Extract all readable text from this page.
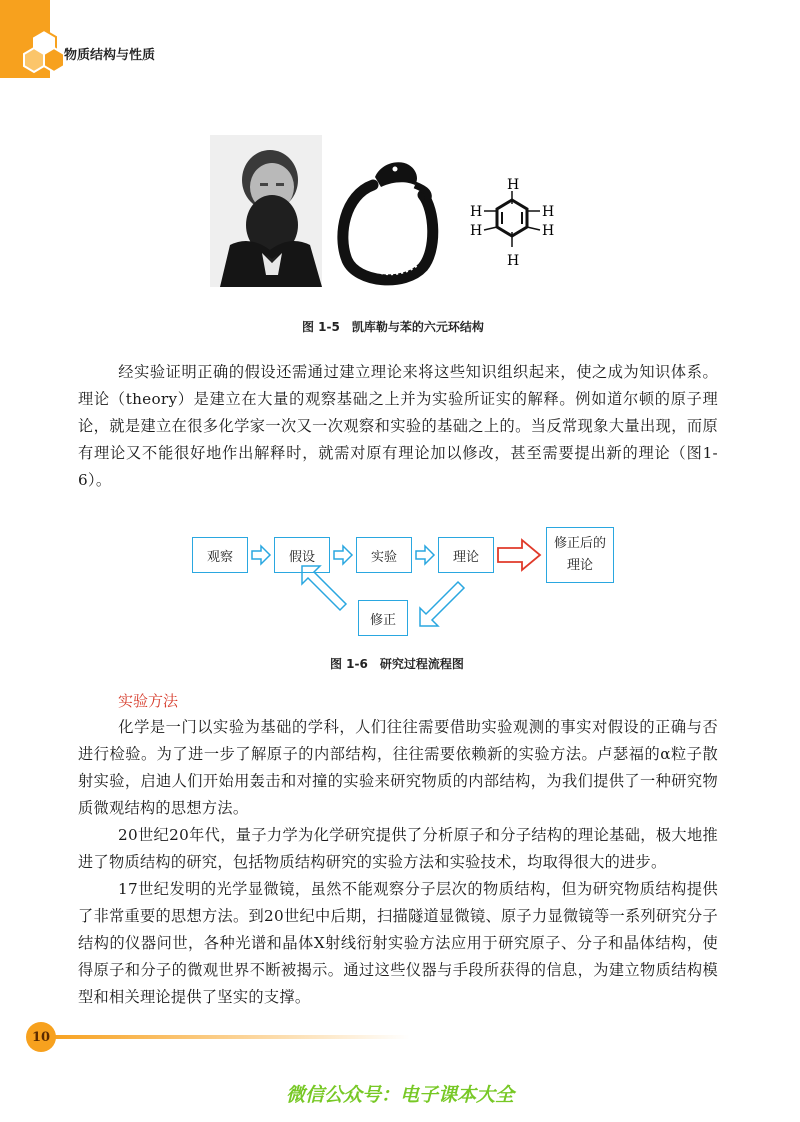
物质结构与性质
H
H
H
H
H
H
图 1-5　凯库勒与苯的六元环结构

经实验证明正确的假设还需通过建立理论来将这些知识组织起来，使之成为知识体系。理论（theory）是建立在大量的观察基础之上并为实验所证实的解释。例如道尔顿的原子理论，就是建立在很多化学家一次又一次观察和实验的基础之上的。当反常现象大量出现，而原有理论又不能很好地作出解释时，就需对原有理论加以修改，甚至需要提出新的理论（图1-6）。

观察	假设	实验	理论
修正后的理论
修正
图 1-6　研究过程流程图
实验方法

化学是一门以实验为基础的学科，人们往往需要借助实验观测的事实对假设的正确与否进行检验。为了进一步了解原子的内部结构，往往需要依赖新的实验方法。卢瑟福的α粒子散射实验，启迪人们开始用轰击和对撞的实验来研究物质的内部结构，为我们提供了一种研究物质微观结构的思想方法。

20世纪20年代，量子力学为化学研究提供了分析原子和分子结构的理论基础，极大地推进了物质结构的研究，包括物质结构研究的实验方法和实验技术，均取得很大的进步。

17世纪发明的光学显微镜，虽然不能观察分子层次的物质结构，但为研究物质结构提供了非常重要的思想方法。到20世纪中后期，扫描隧道显微镜、原子力显微镜等一系列研究分子结构的仪器问世，各种光谱和晶体X射线衍射实验方法应用于研究原子、分子和晶体结构，使得原子和分子的微观世界不断被揭示。通过这些仪器与手段所获得的信息，为建立物质结构模型和相关理论提供了坚实的支撑。

10
微信公众号：电子课本大全
